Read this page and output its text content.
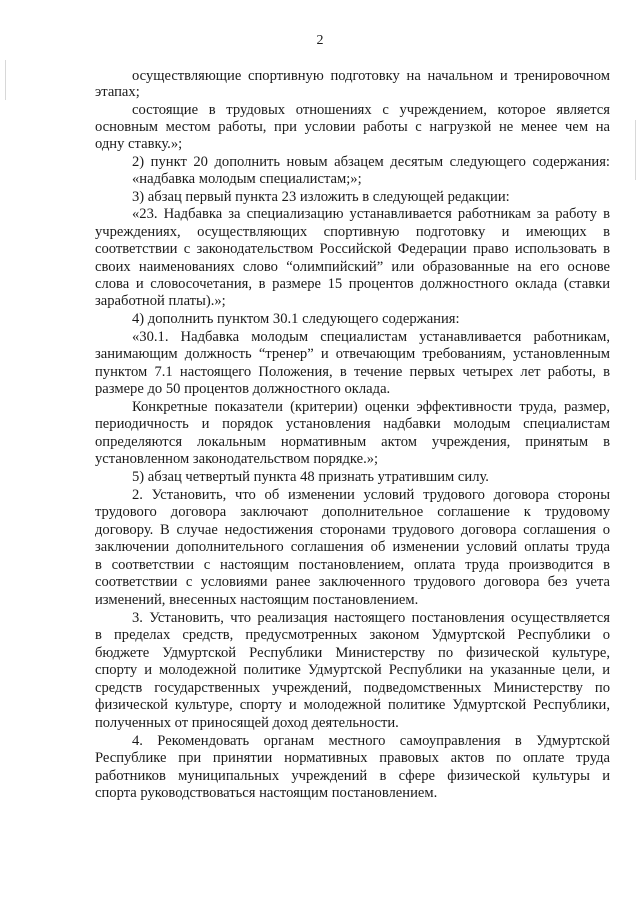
2
осуществляющие спортивную подготовку на начальном и тренировочном
этапах;
состоящие в трудовых отношениях с учреждением, которое является
основным местом работы, при условии работы с нагрузкой не менее чем на
одну ставку.»;
2) пункт 20 дополнить новым абзацем десятым следующего содержания:
«надбавка молодым специалистам;»;
3) абзац первый пункта 23 изложить в следующей редакции:
«23. Надбавка за специализацию устанавливается работникам за работу в
учреждениях, осуществляющих спортивную подготовку и имеющих в
соответствии с законодательством Российской Федерации право использовать в
своих наименованиях слово “олимпийский” или образованные на его основе
слова и словосочетания, в размере 15 процентов должностного оклада (ставки
заработной платы).»;
4) дополнить пунктом 30.1 следующего содержания:
«30.1. Надбавка молодым специалистам устанавливается работникам,
занимающим должность “тренер” и отвечающим требованиям, установленным
пунктом 7.1 настоящего Положения, в течение первых четырех лет работы, в
размере до 50 процентов должностного оклада.
Конкретные показатели (критерии) оценки эффективности труда, размер,
периодичность и порядок установления надбавки молодым специалистам
определяются локальным нормативным актом учреждения, принятым в
установленном законодательством порядке.»;
5) абзац четвертый пункта 48 признать утратившим силу.
2. Установить, что об изменении условий трудового договора стороны
трудового договора заключают дополнительное соглашение к трудовому
договору. В случае недостижения сторонами трудового договора соглашения о
заключении дополнительного соглашения об изменении условий оплаты труда
в соответствии с настоящим постановлением, оплата труда производится в
соответствии с условиями ранее заключенного трудового договора без учета
изменений, внесенных настоящим постановлением.
3. Установить, что реализация настоящего постановления осуществляется
в пределах средств, предусмотренных законом Удмуртской Республики о
бюджете Удмуртской Республики Министерству по физической культуре,
спорту и молодежной политике Удмуртской Республики на указанные цели, и
средств государственных учреждений, подведомственных Министерству по
физической культуре, спорту и молодежной политике Удмуртской Республики,
полученных от приносящей доход деятельности.
4. Рекомендовать органам местного самоуправления в Удмуртской
Республике при принятии нормативных правовых актов по оплате труда
работников муниципальных учреждений в сфере физической культуры и
спорта руководствоваться настоящим постановлением.
